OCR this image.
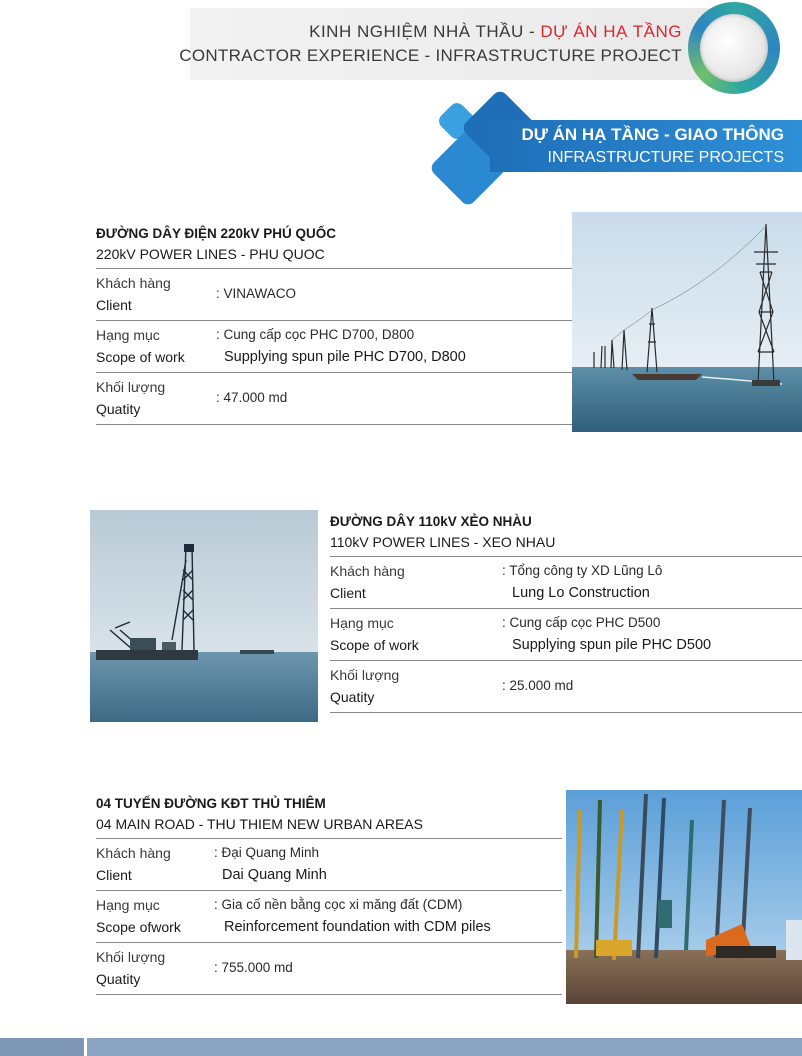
KINH NGHIỆM NHÀ THẦU - DỰ ÁN HẠ TẦNG
CONTRACTOR EXPERIENCE - INFRASTRUCTURE PROJECT
DỰ ÁN HẠ TẦNG - GIAO THÔNG
INFRASTRUCTURE PROJECTS
ĐƯỜNG DÂY ĐIỆN 220kV PHÚ QUỐC
220kV POWER LINES - PHU QUOC
Khách hàng
Client
: VINAWACO
Hạng mục
Scope of work
: Cung cấp cọc PHC D700, D800
Supplying spun pile PHC D700, D800
Khối lượng
Quatity
: 47.000 md
ĐƯỜNG DÂY 110kV XẺO NHÀU
110kV POWER LINES - XEO NHAU
Khách hàng
Client
: Tổng công ty XD Lũng Lô
Lung Lo Construction
Hạng mục
Scope of work
: Cung cấp cọc PHC D500
Supplying spun pile PHC D500
Khối lượng
Quatity
: 25.000 md
04 TUYẾN ĐƯỜNG KĐT THỦ THIÊM
04 MAIN ROAD - THU THIEM NEW URBAN AREAS
Khách hàng
Client
: Đại Quang Minh
Dai Quang Minh
Hạng mục
Scope ofwork
: Gia cố nền bằng cọc xi măng đất (CDM)
Reinforcement foundation with CDM piles
Khối lượng
Quatity
: 755.000 md
